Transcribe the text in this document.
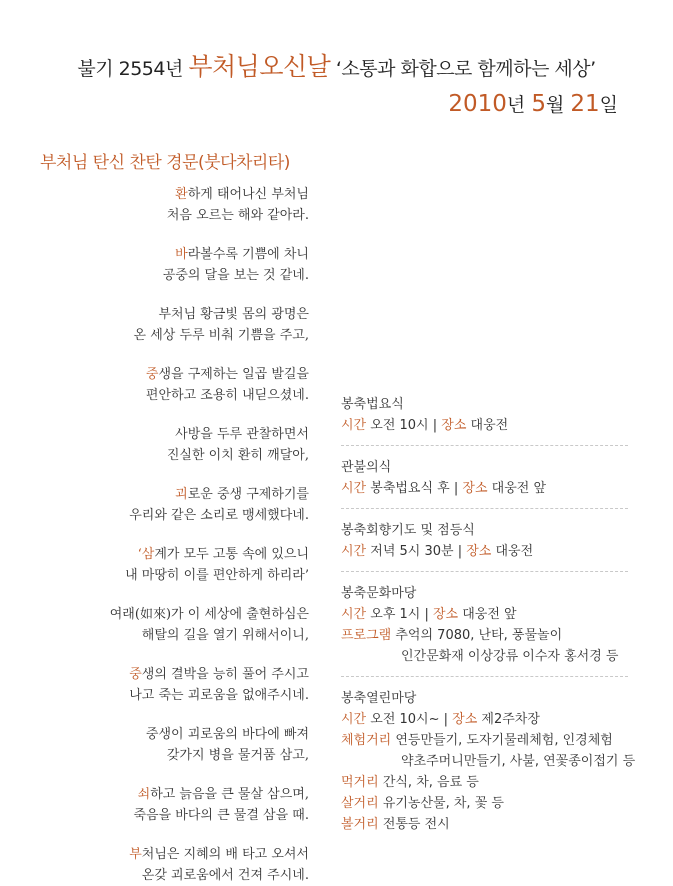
불기 2554년 부처님오신날 ‘소통과 화합으로 함께하는 세상’
2010년 5월 21일
부처님 탄신 찬탄 경문(붓다차리타)
환하게 태어나신 부처님
처음 오르는 해와 같아라.
바라볼수록 기쁨에 차니
공중의 달을 보는 것 같네.
부처님 황금빛 몸의 광명은
온 세상 두루 비춰 기쁨을 주고,
중생을 구제하는 일곱 발길을
편안하고 조용히 내딛으셨네.
사방을 두루 관찰하면서
진실한 이치 환히 깨달아,
괴로운 중생 구제하기를
우리와 같은 소리로 맹세했다네.
‘삼계가 모두 고통 속에 있으니
내 마땅히 이를 편안하게 하리라’
여래(如來)가 이 세상에 출현하심은
해탈의 길을 열기 위해서이니,
중생의 결박을 능히 풀어 주시고
나고 죽는 괴로움을 없애주시네.
중생이 괴로움의 바다에 빠져
갖가지 병을 물거품 삼고,
쇠하고 늙음을 큰 물살 삼으며,
죽음을 바다의 큰 물결 삼을 때.
부처님은 지혜의 배 타고 오셔서
온갖 괴로움에서 건져 주시네.
봉축법요식
시간 오전 10시 | 장소 대웅전
관불의식
시간 봉축법요식 후 | 장소 대웅전 앞
봉축회향기도 및 점등식
시간 저녁 5시 30분 | 장소 대웅전
봉축문화마당
시간 오후 1시 | 장소 대웅전 앞
프로그램 추억의 7080, 난타, 풍물놀이
인간문화재 이상강류 이수자 홍서경 등
봉축열린마당
시간 오전 10시~ | 장소 제2주차장
체험거리 연등만들기, 도자기물레체험, 인경체험
약초주머니만들기, 사불, 연꽃종이접기 등
먹거리 간식, 차, 음료 등
살거리 유기농산물, 차, 꽃 등
볼거리 전통등 전시
